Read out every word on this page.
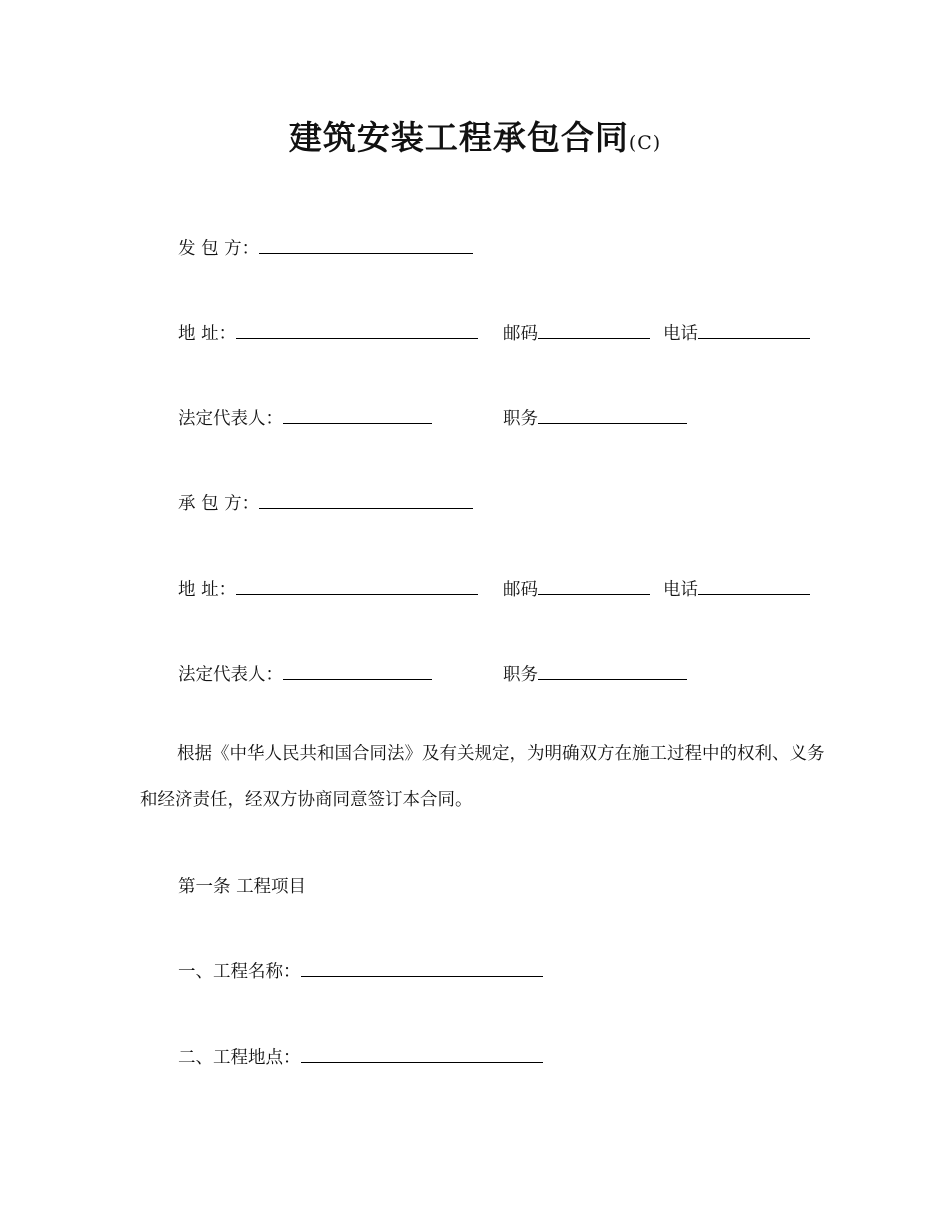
建筑安装工程承包合同(C)
发 包 方：
地 址：	邮码	电话
法定代表人：	职务
承 包 方：
地 址：	邮码	电话
法定代表人：	职务
根据《中华人民共和国合同法》及有关规定，为明确双方在施工过程中的权利、义务和经济责任，经双方协商同意签订本合同。
第一条 工程项目
一、工程名称：
二、工程地点：
